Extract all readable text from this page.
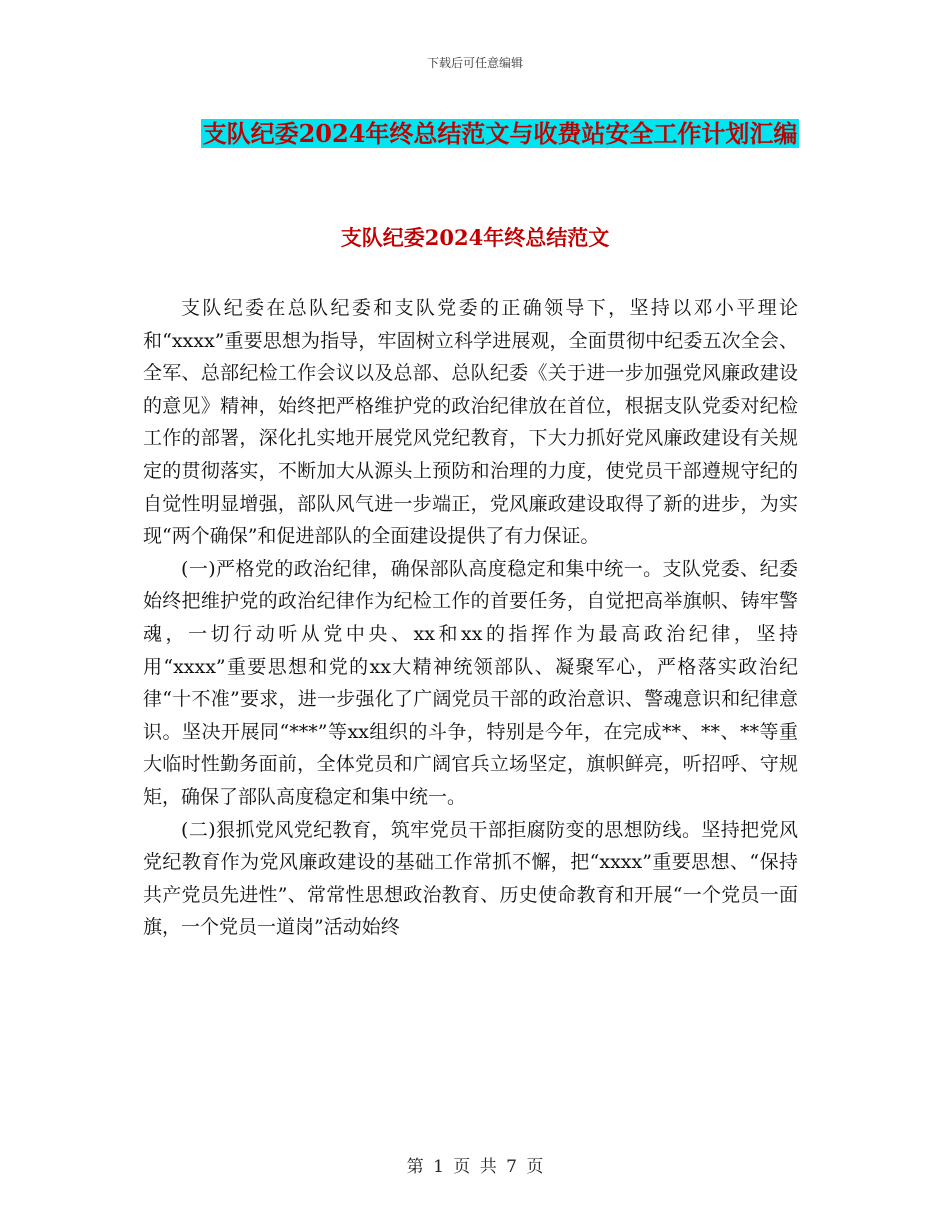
下载后可任意编辑
支队纪委2024年终总结范文与收费站安全工作计划汇编
支队纪委2024年终总结范文

支队纪委在总队纪委和支队党委的正确领导下，坚持以邓小平理论和“xxxx”重要思想为指导，牢固树立科学进展观，全面贯彻中纪委五次全会、全军、总部纪检工作会议以及总部、总队纪委《关于进一步加强党风廉政建设的意见》精神，始终把严格维护党的政治纪律放在首位，根据支队党委对纪检工作的部署，深化扎实地开展党风党纪教育，下大力抓好党风廉政建设有关规定的贯彻落实，不断加大从源头上预防和治理的力度，使党员干部遵规守纪的自觉性明显增强，部队风气进一步端正，党风廉政建设取得了新的进步，为实现“两个确保”和促进部队的全面建设提供了有力保证。

(一)严格党的政治纪律，确保部队高度稳定和集中统一。支队党委、纪委始终把维护党的政治纪律作为纪检工作的首要任务，自觉把高举旗帜、铸牢警魂，一切行动听从党中央、xx和xx的指挥作为最高政治纪律，坚持用“xxxx”重要思想和党的xx大精神统领部队、凝聚军心，严格落实政治纪律“十不准”要求，进一步强化了广阔党员干部的政治意识、警魂意识和纪律意识。坚决开展同“***”等xx组织的斗争，特别是今年，在完成**、**、**等重大临时性勤务面前，全体党员和广阔官兵立场坚定，旗帜鲜亮，听招呼、守规矩，确保了部队高度稳定和集中统一。

(二)狠抓党风党纪教育，筑牢党员干部拒腐防变的思想防线。坚持把党风党纪教育作为党风廉政建设的基础工作常抓不懈，把“xxxx”重要思想、“保持共产党员先进性”、常常性思想政治教育、历史使命教育和开展“一个党员一面旗，一个党员一道岗”活动始终

第 1 页 共 7 页
